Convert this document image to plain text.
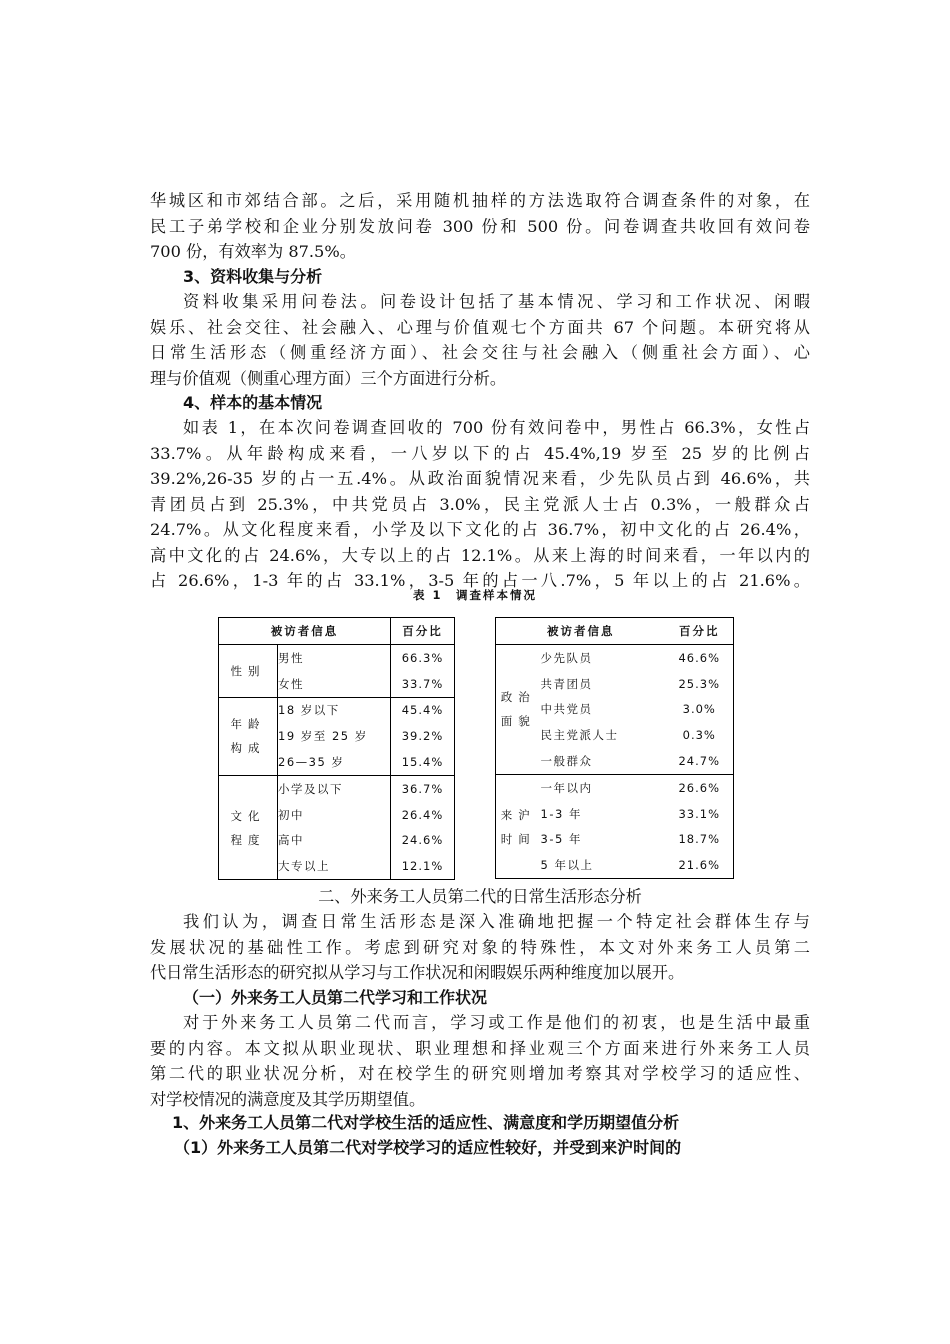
华城区和市郊结合部。之后，采用随机抽样的方法选取符合调查条件的对象，在
民工子弟学校和企业分别发放问卷 300 份和 500 份。问卷调查共收回有效问卷
700 份，有效率为 87.5%。
3、资料收集与分析
资料收集采用问卷法。问卷设计包括了基本情况、学习和工作状况、闲暇
娱乐、社会交往、社会融入、心理与价值观七个方面共 67 个问题。本研究将从
日常生活形态（侧重经济方面）、社会交往与社会融入（侧重社会方面）、心
理与价值观（侧重心理方面）三个方面进行分析。
4、样本的基本情况
如表 1，在本次问卷调查回收的 700 份有效问卷中，男性占 66.3%，女性占
33.7%。从年龄构成来看，一八岁以下的占 45.4%,19 岁至 25 岁的比例占
39.2%,26-35 岁的占一五.4%。从政治面貌情况来看，少先队员占到 46.6%，共
青团员占到 25.3%，中共党员占 3.0%，民主党派人士占 0.3%，一般群众占
24.7%。从文化程度来看，小学及以下文化的占 36.7%，初中文化的占 26.4%，
高中文化的占 24.6%，大专以上的占 12.1%。从来上海的时间来看，一年以内的
占 26.6%，1-3 年的占 33.1%，3-5 年的占一八.7%，5 年以上的占 21.6%。
表 1　调查样本情况
被访者信息		百分比
性别	男性	66.3%
	女性	33.7%

年龄
构成	18 岁以下	45.4%
	19 岁至 25 岁	39.2%
	26—35 岁	15.4%

文化
程度	小学及以下	36.7%
	初中	26.4%
	高中	24.6%
	大专以上	12.1%
被访者信息		百分比

政治
面貌	少先队员	46.6%
	共青团员	25.3%
	中共党员	3.0%
	民主党派人士	0.3%
	一般群众	24.7%

来沪
时间	一年以内	26.6%
	1-3 年	33.1%
	3-5 年	18.7%
	5 年以上	21.6%
二、外来务工人员第二代的日常生活形态分析
我们认为，调查日常生活形态是深入准确地把握一个特定社会群体生存与
发展状况的基础性工作。考虑到研究对象的特殊性，本文对外来务工人员第二
代日常生活形态的研究拟从学习与工作状况和闲暇娱乐两种维度加以展开。
（一）外来务工人员第二代学习和工作状况
对于外来务工人员第二代而言，学习或工作是他们的初衷，也是生活中最重
要的内容。本文拟从职业现状、职业理想和择业观三个方面来进行外来务工人员
第二代的职业状况分析，对在校学生的研究则增加考察其对学校学习的适应性、
对学校情况的满意度及其学历期望值。
1、外来务工人员第二代对学校生活的适应性、满意度和学历期望值分析
（1）外来务工人员第二代对学校学习的适应性较好，并受到来沪时间的
